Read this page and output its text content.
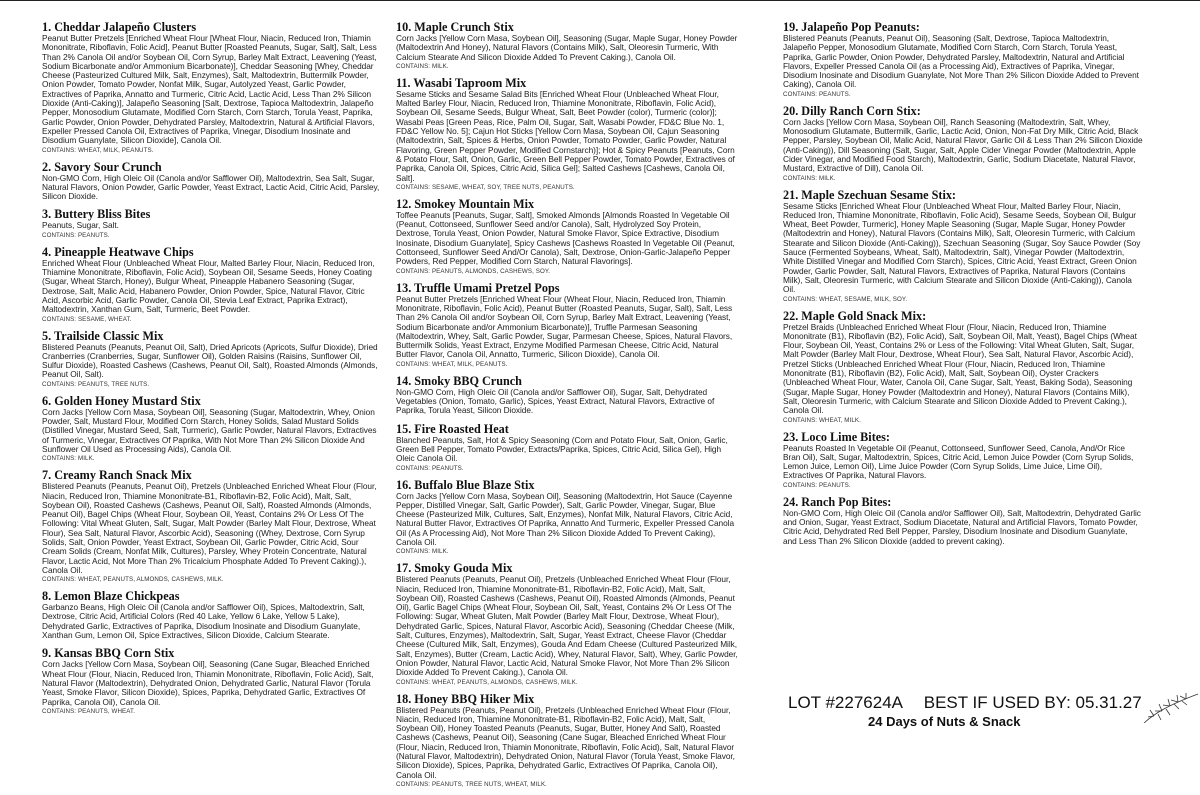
1. Cheddar Jalapeño Clusters

Peanut Butter Pretzels [Enriched Wheat Flour [Wheat Flour, Niacin, Reduced Iron, Thiamin Mononitrate, Riboflavin, Folic Acid], Peanut Butter [Roasted Peanuts, Sugar, Salt], Salt, Less Than 2% Canola Oil and/or Soybean Oil, Corn Syrup, Barley Malt Extract, Leavening (Yeast, Sodium Bicarbonate and/or Ammonium Bicarbonate)], Cheddar Seasoning [Whey, Cheddar Cheese (Pasteurized Cultured Milk, Salt, Enzymes), Salt, Maltodextrin, Buttermilk Powder, Onion Powder, Tomato Powder, Nonfat Milk, Sugar, Autolyzed Yeast, Garlic Powder, Extractives of Paprika, Annatto and Turmeric, Citric Acid, Lactic Acid, Less Than 2% Silicon Dioxide (Anti-Caking)], Jalapeño Seasoning [Salt, Dextrose, Tapioca Maltodextrin, Jalapeño Pepper, Monosodium Glutamate, Modified Corn Starch, Corn Starch, Torula Yeast, Paprika, Garlic Powder, Onion Powder, Dehydrated Parsley, Maltodextrin, Natural & Artificial Flavors, Expeller Pressed Canola Oil, Extractives of Paprika, Vinegar, Disodium Inosinate and Disodium Guanylate, Silicon Dioxide], Canola Oil.

CONTAINS: WHEAT, MILK, PEANUTS.

2. Savory Sour Crunch

Non-GMO Corn, High Oleic Oil (Canola and/or Safflower Oil), Maltodextrin, Sea Salt, Sugar, Natural Flavors, Onion Powder, Garlic Powder, Yeast Extract, Lactic Acid, Citric Acid, Parsley, Silicon Dioxide.

3. Buttery Bliss Bites

Peanuts, Sugar, Salt.

CONTAINS: PEANUTS.

4. Pineapple Heatwave Chips

Enriched Wheat Flour (Unbleached Wheat Flour, Malted Barley Flour, Niacin, Reduced Iron, Thiamine Mononitrate, Riboflavin, Folic Acid), Soybean Oil, Sesame Seeds, Honey Coating (Sugar, Wheat Starch, Honey), Bulgur Wheat, Pineapple Habanero Seasoning (Sugar, Dextrose, Salt, Malic Acid, Habanero Powder, Onion Powder, Spice, Natural Flavor, Citric Acid, Ascorbic Acid, Garlic Powder, Canola Oil, Stevia Leaf Extract, Paprika Extract), Maltodextrin, Xanthan Gum, Salt, Turmeric, Beet Powder.

CONTAINS: SESAME, WHEAT.

5. Trailside Classic Mix

Blistered Peanuts (Peanuts, Peanut Oil, Salt), Dried Apricots (Apricots, Sulfur Dioxide), Dried Cranberries (Cranberries, Sugar, Sunflower Oil), Golden Raisins (Raisins, Sunflower Oil, Sulfur Dioxide), Roasted Cashews (Cashews, Peanut Oil, Salt), Roasted Almonds (Almonds, Peanut Oil, Salt).

CONTAINS: PEANUTS, TREE NUTS.

6. Golden Honey Mustard Stix

Corn Jacks [Yellow Corn Masa, Soybean Oil], Seasoning (Sugar, Maltodextrin, Whey, Onion Powder, Salt, Mustard Flour, Modified Corn Starch, Honey Solids, Salad Mustard Solids (Distilled Vinegar, Mustard Seed, Salt, Turmeric), Garlic Powder, Natural Flavors, Extractives of Turmeric, Vinegar, Extractives Of Paprika, With Not More Than 2% Silicon Dioxide And Sunflower Oil Used as Processing Aids), Canola Oil.

CONTAINS: MILK.

7. Creamy Ranch Snack Mix

Blistered Peanuts (Peanuts, Peanut Oil), Pretzels (Unbleached Enriched Wheat Flour (Flour, Niacin, Reduced Iron, Thiamine Mononitrate-B1, Riboflavin-B2, Folic Acid), Malt, Salt, Soybean Oil), Roasted Cashews (Cashews, Peanut Oil, Salt), Roasted Almonds (Almonds, Peanut Oil), Bagel Chips (Wheat Flour, Soybean Oil, Yeast, Contains 2% Or Less Of The Following: Vital Wheat Gluten, Salt, Sugar, Malt Powder (Barley Malt Flour, Dextrose, Wheat Flour), Sea Salt, Natural Flavor, Ascorbic Acid), Seasoning ((Whey, Dextrose, Corn Syrup Solids, Salt, Onion Powder, Yeast Extract, Soybean Oil, Garlic Powder, Citric Acid, Sour Cream Solids (Cream, Nonfat Milk, Cultures), Parsley, Whey Protein Concentrate, Natural Flavor, Lactic Acid, Not More Than 2% Tricalcium Phosphate Added To Prevent Caking).), Canola Oil.

CONTAINS: WHEAT, PEANUTS, ALMONDS, CASHEWS, MILK.

8. Lemon Blaze Chickpeas

Garbanzo Beans, High Oleic Oil (Canola and/or Safflower Oil), Spices, Maltodextrin, Salt, Dextrose, Citric Acid, Artificial Colors (Red 40 Lake, Yellow 6 Lake, Yellow 5 Lake), Dehydrated Garlic, Extractives of Paprika, Disodium Inosinate and Disodium Guanylate, Xanthan Gum, Lemon Oil, Spice Extractives, Silicon Dioxide, Calcium Stearate.

9. Kansas BBQ Corn Stix

Corn Jacks [Yellow Corn Masa, Soybean Oil], Seasoning (Cane Sugar, Bleached Enriched Wheat Flour (Flour, Niacin, Reduced Iron, Thiamin Mononitrate, Riboflavin, Folic Acid), Salt, Natural Flavor (Maltodextrin), Dehydrated Onion, Dehydrated Garlic, Natural Flavor (Torula Yeast, Smoke Flavor, Silicon Dioxide), Spices, Paprika, Dehydrated Garlic, Extractives Of Paprika, Canola Oil), Canola Oil.

CONTAINS: PEANUTS, WHEAT.

10. Maple Crunch Stix

Corn Jacks [Yellow Corn Masa, Soybean Oil], Seasoning (Sugar, Maple Sugar, Honey Powder (Maltodextrin And Honey), Natural Flavors (Contains Milk), Salt, Oleoresin Turmeric, With Calcium Stearate And Silicon Dioxide Added To Prevent Caking.), Canola Oil.

CONTAINS: MILK.

11. Wasabi Taproom Mix

Sesame Sticks and Sesame Salad Bits [Enriched Wheat Flour (Unbleached Wheat Flour, Malted Barley Flour, Niacin, Reduced Iron, Thiamine Mononitrate, Riboflavin, Folic Acid), Soybean Oil, Sesame Seeds, Bulgur Wheat, Salt, Beet Powder (color), Turmeric (color)]; Wasabi Peas [Green Peas, Rice, Palm Oil, Sugar, Salt, Wasabi Powder, FD&C Blue No. 1, FD&C Yellow No. 5]; Cajun Hot Sticks [Yellow Corn Masa, Soybean Oil, Cajun Seasoning (Maltodextrin, Salt, Spices & Herbs, Onion Powder, Tomato Powder, Garlic Powder, Natural Flavoring, Green Pepper Powder, Modified Cornstarch)]; Hot & Spicy Peanuts [Peanuts, Corn & Potato Flour, Salt, Onion, Garlic, Green Bell Pepper Powder, Tomato Powder, Extractives of Paprika, Canola Oil, Spices, Citric Acid, Silica Gel]; Salted Cashews [Cashews, Canola Oil, Salt].

CONTAINS: SESAME, WHEAT, SOY, TREE NUTS, PEANUTS.

12. Smokey Mountain Mix

Toffee Peanuts [Peanuts, Sugar, Salt], Smoked Almonds [Almonds Roasted In Vegetable Oil (Peanut, Cottonseed, Sunflower Seed and/or Canola), Salt, Hydrolyzed Soy Protein, Dextrose, Torula Yeast, Onion Powder, Natural Smoke Flavor, Spice Extractive, Disodium Inosinate, Disodium Guanylate], Spicy Cashews [Cashews Roasted In Vegetable Oil (Peanut, Cottonseed, Sunflower Seed And/Or Canola), Salt, Dextrose, Onion-Garlic-Jalapeño Pepper Powders, Red Pepper, Modified Corn Starch, Natural Flavorings].

CONTAINS: PEANUTS, ALMONDS, CASHEWS, SOY.

13. Truffle Umami Pretzel Pops

Peanut Butter Pretzels [Enriched Wheat Flour (Wheat Flour, Niacin, Reduced Iron, Thiamin Mononitrate, Riboflavin, Folic Acid), Peanut Butter (Roasted Peanuts, Sugar, Salt), Salt, Less Than 2% Canola Oil and/or Soybean Oil, Corn Syrup, Barley Malt Extract, Leavening (Yeast, Sodium Bicarbonate and/or Ammonium Bicarbonate)], Truffle Parmesan Seasoning (Maltodextrin, Whey, Salt, Garlic Powder, Sugar, Parmesan Cheese, Spices, Natural Flavors, Buttermilk Solids, Yeast Extract, Enzyme Modified Parmesan Cheese, Citric Acid, Natural Butter Flavor, Canola Oil, Annatto, Turmeric, Silicon Dioxide), Canola Oil.

CONTAINS: WHEAT, MILK, PEANUTS.

14. Smoky BBQ Crunch

Non-GMO Corn, High Oleic Oil (Canola and/or Safflower Oil), Sugar, Salt, Dehydrated Vegetables (Onion, Tomato, Garlic), Spices, Yeast Extract, Natural Flavors, Extractive of Paprika, Torula Yeast, Silicon Dioxide.

15. Fire Roasted Heat

Blanched Peanuts, Salt, Hot & Spicy Seasoning (Corn and Potato Flour, Salt, Onion, Garlic, Green Bell Pepper, Tomato Powder, Extracts/Paprika, Spices, Citric Acid, Silica Gel), High Oleic Canola Oil.

CONTAINS: PEANUTS.

16. Buffalo Blue Blaze Stix

Corn Jacks [Yellow Corn Masa, Soybean Oil], Seasoning (Maltodextrin, Hot Sauce (Cayenne Pepper, Distilled Vinegar, Salt, Garlic Powder), Salt, Garlic Powder, Vinegar, Sugar, Blue Cheese (Pasteurized Milk, Cultures, Salt, Enzymes), Nonfat Milk, Natural Flavors, Citric Acid, Natural Butter Flavor, Extractives Of Paprika, Annatto And Turmeric, Expeller Pressed Canola Oil (As A Processing Aid), Not More Than 2% Silicon Dioxide Added To Prevent Caking), Canola Oil.

CONTAINS: MILK.

17. Smoky Gouda Mix

Blistered Peanuts (Peanuts, Peanut Oil), Pretzels (Unbleached Enriched Wheat Flour (Flour, Niacin, Reduced Iron, Thiamine Mononitrate-B1, Riboflavin-B2, Folic Acid), Malt, Salt, Soybean Oil), Roasted Cashews (Cashews, Peanut Oil), Roasted Almonds (Almonds, Peanut Oil), Garlic Bagel Chips (Wheat Flour, Soybean Oil, Salt, Yeast, Contains 2% Or Less Of The Following: Sugar, Wheat Gluten, Malt Powder (Barley Malt Flour, Dextrose, Wheat Flour), Dehydrated Garlic, Spices, Natural Flavor, Ascorbic Acid), Seasoning (Cheddar Cheese (Milk, Salt, Cultures, Enzymes), Maltodextrin, Salt, Sugar, Yeast Extract, Cheese Flavor (Cheddar Cheese (Cultured Milk, Salt, Enzymes), Gouda And Edam Cheese (Cultured Pasteurized Milk, Salt, Enzymes), Butter (Cream, Lactic Acid), Whey, Natural Flavor, Salt), Whey, Garlic Powder, Onion Powder, Natural Flavor, Lactic Acid, Natural Smoke Flavor, Not More Than 2% Silicon Dioxide Added To Prevent Caking.), Canola Oil.

CONTAINS: WHEAT, PEANUTS, ALMONDS, CASHEWS, MILK.

18. Honey BBQ Hiker Mix

Blistered Peanuts (Peanuts, Peanut Oil), Pretzels (Unbleached Enriched Wheat Flour (Flour, Niacin, Reduced Iron, Thiamine Mononitrate-B1, Riboflavin-B2, Folic Acid), Malt, Salt, Soybean Oil), Honey Toasted Peanuts (Peanuts, Sugar, Butter, Honey And Salt), Roasted Cashews (Cashews, Peanut Oil), Seasoning (Cane Sugar, Bleached Enriched Wheat Flour (Flour, Niacin, Reduced Iron, Thiamin Mononitrate, Riboflavin, Folic Acid), Salt, Natural Flavor (Natural Flavor, Maltodextrin), Dehydrated Onion, Natural Flavor (Torula Yeast, Smoke Flavor, Silicon Dioxide), Spices, Paprika, Dehydrated Garlic, Extractives Of Paprika, Canola Oil), Canola Oil.

CONTAINS: PEANUTS, TREE NUTS, WHEAT, MILK.

19. Jalapeño Pop Peanuts:

Blistered Peanuts (Peanuts, Peanut Oil), Seasoning (Salt, Dextrose, Tapioca Maltodextrin, Jalapeño Pepper, Monosodium Glutamate, Modified Corn Starch, Corn Starch, Torula Yeast, Paprika, Garlic Powder, Onion Powder, Dehydrated Parsley, Maltodextrin, Natural and Artificial Flavors, Expeller Pressed Canola Oil (as a Processing Aid), Extractives of Paprika, Vinegar, Disodium Inosinate and Disodium Guanylate, Not More Than 2% Silicon Dioxide Added to Prevent Caking), Canola Oil.

CONTAINS: PEANUTS.

20. Dilly Ranch Corn Stix:

Corn Jacks [Yellow Corn Masa, Soybean Oil], Ranch Seasoning (Maltodextrin, Salt, Whey, Monosodium Glutamate, Buttermilk, Garlic, Lactic Acid, Onion, Non-Fat Dry Milk, Citric Acid, Black Pepper, Parsley, Soybean Oil, Malic Acid, Natural Flavor, Garlic Oil & Less Than 2% Silicon Dioxide (Anti-Caking)), Dill Seasoning (Salt, Sugar, Salt, Apple Cider Vinegar Powder (Maltodextrin, Apple Cider Vinegar, and Modified Food Starch), Maltodextrin, Garlic, Sodium Diacetate, Natural Flavor, Mustard, Extractive of Dill), Canola Oil.

CONTAINS: MILK.

21. Maple Szechuan Sesame Stix:

Sesame Sticks [Enriched Wheat Flour (Unbleached Wheat Flour, Malted Barley Flour, Niacin, Reduced Iron, Thiamine Mononitrate, Riboflavin, Folic Acid), Sesame Seeds, Soybean Oil, Bulgur Wheat, Beet Powder, Turmeric], Honey Maple Seasoning (Sugar, Maple Sugar, Honey Powder (Maltodextrin and Honey), Natural Flavors (Contains Milk), Salt, Oleoresin Turmeric, with Calcium Stearate and Silicon Dioxide (Anti-Caking)), Szechuan Seasoning (Sugar, Soy Sauce Powder (Soy Sauce (Fermented Soybeans, Wheat, Salt), Maltodextrin, Salt), Vinegar Powder (Maltodextrin, White Distilled Vinegar and Modified Corn Starch), Spices, Citric Acid, Yeast Extract, Green Onion Powder, Garlic Powder, Salt, Natural Flavors, Extractives of Paprika, Natural Flavors (Contains Milk), Salt, Oleoresin Turmeric, with Calcium Stearate and Silicon Dioxide (Anti-Caking)), Canola Oil.

CONTAINS: WHEAT, SESAME, MILK, SOY.

22. Maple Gold Snack Mix:

Pretzel Braids (Unbleached Enriched Wheat Flour (Flour, Niacin, Reduced Iron, Thiamine Mononitrate (B1), Riboflavin (B2), Folic Acid), Salt, Soybean Oil, Malt, Yeast), Bagel Chips (Wheat Flour, Soybean Oil, Yeast, Contains 2% or Less of the Following: Vital Wheat Gluten, Salt, Sugar, Malt Powder (Barley Malt Flour, Dextrose, Wheat Flour), Sea Salt, Natural Flavor, Ascorbic Acid), Pretzel Sticks (Unbleached Enriched Wheat Flour (Flour, Niacin, Reduced Iron, Thiamine Mononitrate (B1), Riboflavin (B2), Folic Acid), Malt, Salt, Soybean Oil), Oyster Crackers (Unbleached Wheat Flour, Water, Canola Oil, Cane Sugar, Salt, Yeast, Baking Soda), Seasoning (Sugar, Maple Sugar, Honey Powder (Maltodextrin and Honey), Natural Flavors (Contains Milk), Salt, Oleoresin Turmeric, with Calcium Stearate and Silicon Dioxide Added to Prevent Caking.), Canola Oil.

CONTAINS: WHEAT, MILK.

23. Loco Lime Bites:

Peanuts Roasted In Vegetable Oil (Peanut, Cottonseed, Sunflower Seed, Canola, And/Or Rice Bran Oil), Salt, Sugar, Maltodextrin, Spices, Citric Acid, Lemon Juice Powder (Corn Syrup Solids, Lemon Juice, Lemon Oil), Lime Juice Powder (Corn Syrup Solids, Lime Juice, Lime Oil), Extractives Of Paprika, Natural Flavors.

CONTAINS: PEANUTS.

24. Ranch Pop Bites:

Non-GMO Corn, High Oleic Oil (Canola and/or Safflower Oil), Salt, Maltodextrin, Dehydrated Garlic and Onion, Sugar, Yeast Extract, Sodium Diacetate, Natural and Artificial Flavors, Tomato Powder, Citric Acid, Dehydrated Red Bell Pepper, Parsley, Disodium Inosinate and Disodium Guanylate, and Less Than 2% Silicon Dioxide (added to prevent caking).

LOT #227624A BEST IF USED BY: 05.31.27
24 Days of Nuts & Snack
